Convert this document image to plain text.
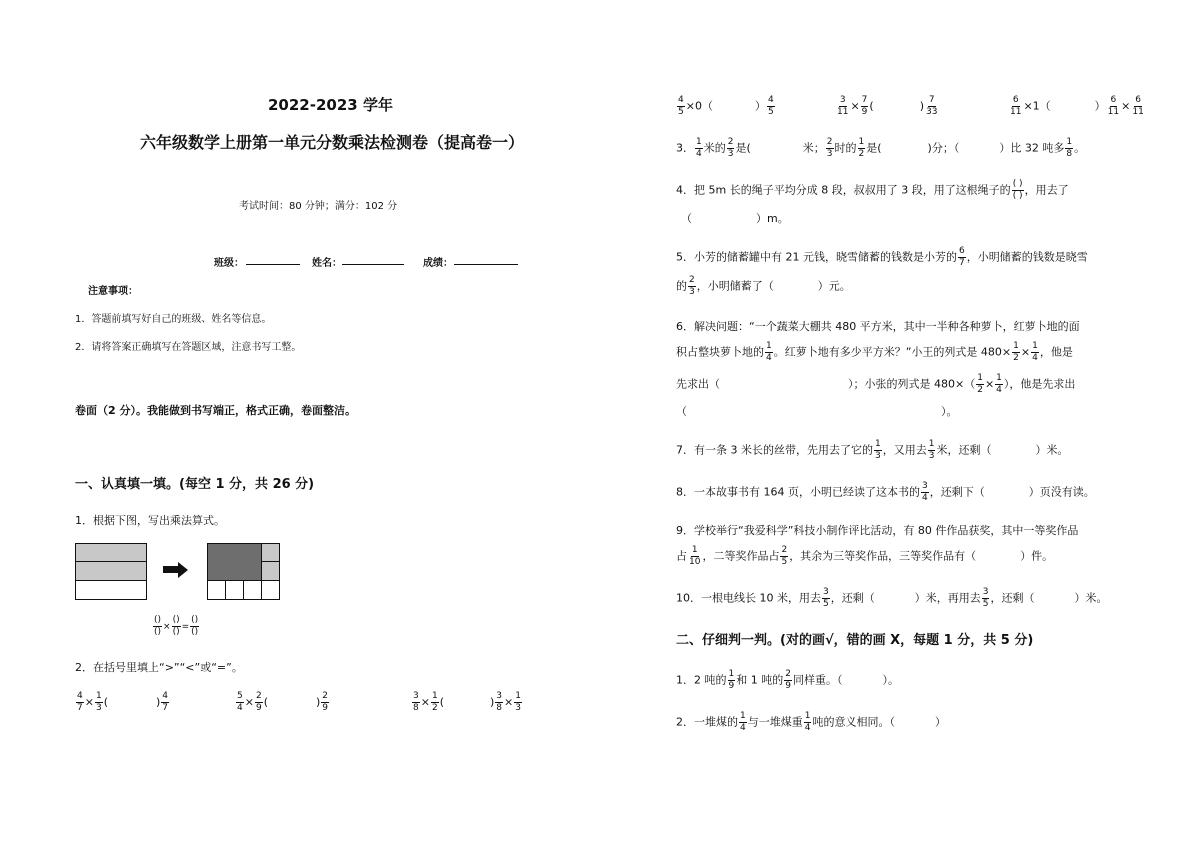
2022-2023 学年
六年级数学上册第一单元分数乘法检测卷（提高卷一）
考试时间：80 分钟；满分：102 分
班级：	姓名：	成绩：
注意事项：
1．答题前填写好自己的班级、姓名等信息。
2．请将答案正确填写在答题区域，注意书写工整。
卷面（2 分）。我能做到书写端正，格式正确，卷面整洁。
一、认真填一填。(每空 1 分，共 26 分)
1．根据下图，写出乘法算式。
$\frac{()}{()} \times \frac{()}{()} = \frac{()}{()}$
2．在括号里填上“>”“<”或“=”。
$\frac{4}{7} \times \frac{1}{3}$ (	) $\frac{4}{7}$	$\frac{5}{4} \times \frac{2}{9}$ (	) $\frac{2}{9}$	$\frac{3}{8} \times \frac{1}{2}$ (	) $\frac{3}{8} \times \frac{1}{3}$
$\frac{4}{5} \times 0$（	） $\frac{4}{5}$	$\frac{3}{11} \times \frac{7}{9}$ (	) $\frac{7}{33}$	$\frac{6}{11} \times 1$（	） $\frac{6}{11} \times \frac{6}{11}$
3． $\frac{1}{4}$ 米的 $\frac{2}{3}$ 是(	米； $\frac{2}{3}$ 时的 $\frac{1}{2}$ 是(	)分；（	）比 32 吨多 $\frac{1}{8}$ 。
4．把 5m 长的绳子平均分成 8 段，叔叔用了 3 段，用了这根绳子的 $\frac{( )}{( )}$ ，用去了
（	）m。
5．小芳的储蓄罐中有 21 元钱，晓雪储蓄的钱数是小芳的 $\frac{6}{7}$ ，小明储蓄的钱数是晓雪
的 $\frac{2}{3}$ ，小明储蓄了（	）元。
6．解决问题：“一个蔬菜大棚共 480 平方米，其中一半种各种萝卜，红萝卜地的面
积占整块萝卜地的 $\frac{1}{4}$ 。红萝卜地有多少平方米？”小王的列式是 $480\times \frac{1}{2} \times \frac{1}{4}$ ，他是
先求出（	）；小张的列式是 $480\times( \frac{1}{2} \times \frac{1}{4}$ ），他是先求出
（	）。
7．有一条 3 米长的丝带，先用去了它的 $\frac{1}{3}$ ，又用去 $\frac{1}{3}$ 米，还剩（	）米。
8．一本故事书有 164 页，小明已经读了这本书的 $\frac{3}{4}$ ，还剩下（	）页没有读。
9．学校举行“我爱科学”科技小制作评比活动，有 80 件作品获奖，其中一等奖作品
占 $\frac{1}{10}$ ，二等奖作品占 $\frac{2}{5}$ ，其余为三等奖作品，三等奖作品有（	）件。
10．一根电线长 10 米，用去 $\frac{3}{5}$ ，还剩（	）米，再用去 $\frac{3}{5}$ ，还剩（	）米。
二、仔细判一判。(对的画√，错的画 X，每题 1 分，共 5 分)
1．2 吨的 $\frac{1}{9}$ 和 1 吨的 $\frac{2}{9}$ 同样重。（	）。
2．一堆煤的 $\frac{1}{4}$ 与一堆煤重 $\frac{1}{4}$ 吨的意义相同。（	）
